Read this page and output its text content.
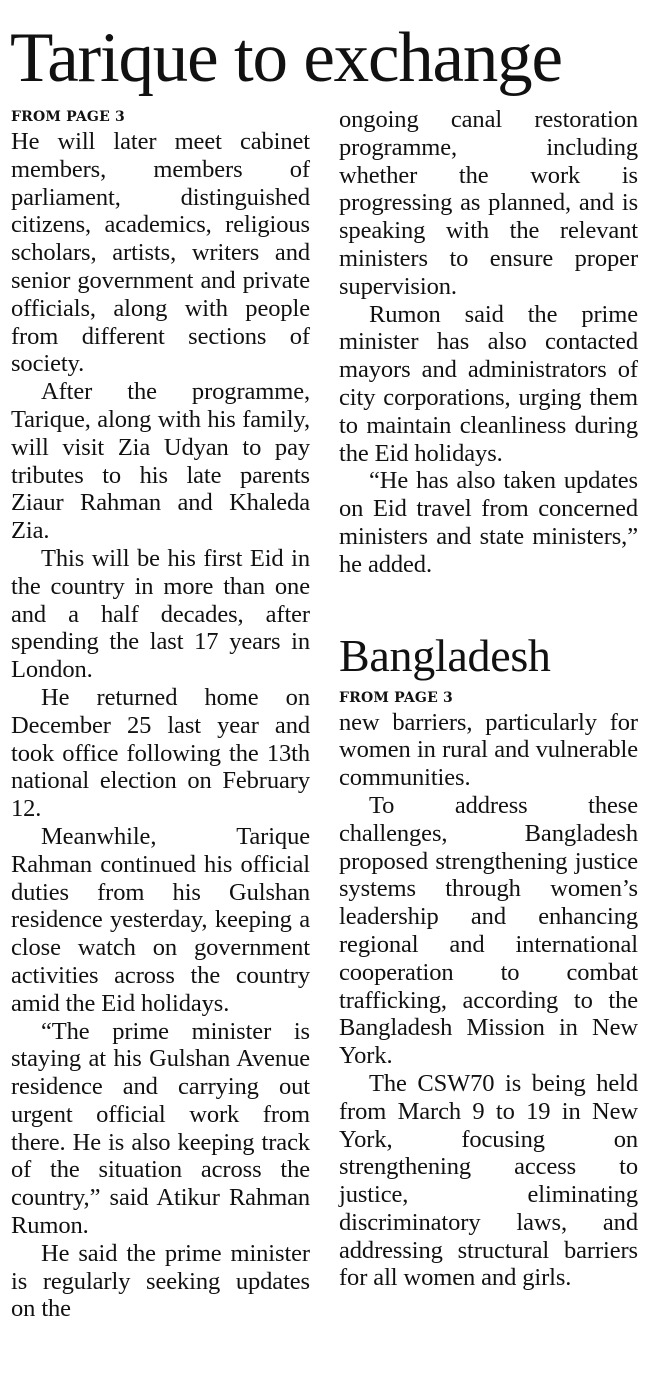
Tarique to exchange

FROM PAGE 3

He will later meet cabinet members, members of parliament, distinguished citizens, academics, religious scholars, artists, writers and senior government and private officials, along with people from different sections of society.

After the programme, Tarique, along with his family, will visit Zia Udyan to pay tributes to his late parents Ziaur Rahman and Khaleda Zia.

This will be his first Eid in the country in more than one and a half decades, after spending the last 17 years in London.

He returned home on December 25 last year and took office following the 13th national election on February 12.

Meanwhile, Tarique Rahman continued his official duties from his Gulshan residence yesterday, keeping a close watch on government activities across the country amid the Eid holidays.

“The prime minister is staying at his Gulshan Avenue residence and carrying out urgent official work from there. He is also keeping track of the situation across the country,” said Atikur Rahman Rumon.

He said the prime minister is regularly seeking updates on the

ongoing canal restoration programme, including whether the work is progressing as planned, and is speaking with the relevant ministers to ensure proper supervision.

Rumon said the prime minister has also contacted mayors and administrators of city corporations, urging them to maintain cleanliness during the Eid holidays.

“He has also taken updates on Eid travel from concerned ministers and state ministers,” he added.

Bangladesh

FROM PAGE 3

new barriers, particularly for women in rural and vulnerable communities.

To address these challenges, Bangladesh proposed strengthening justice systems through women’s leadership and enhancing regional and international cooperation to combat trafficking, according to the Bangladesh Mission in New York.

The CSW70 is being held from March 9 to 19 in New York, focusing on strengthening access to justice, eliminating discriminatory laws, and addressing structural barriers for all women and girls.
